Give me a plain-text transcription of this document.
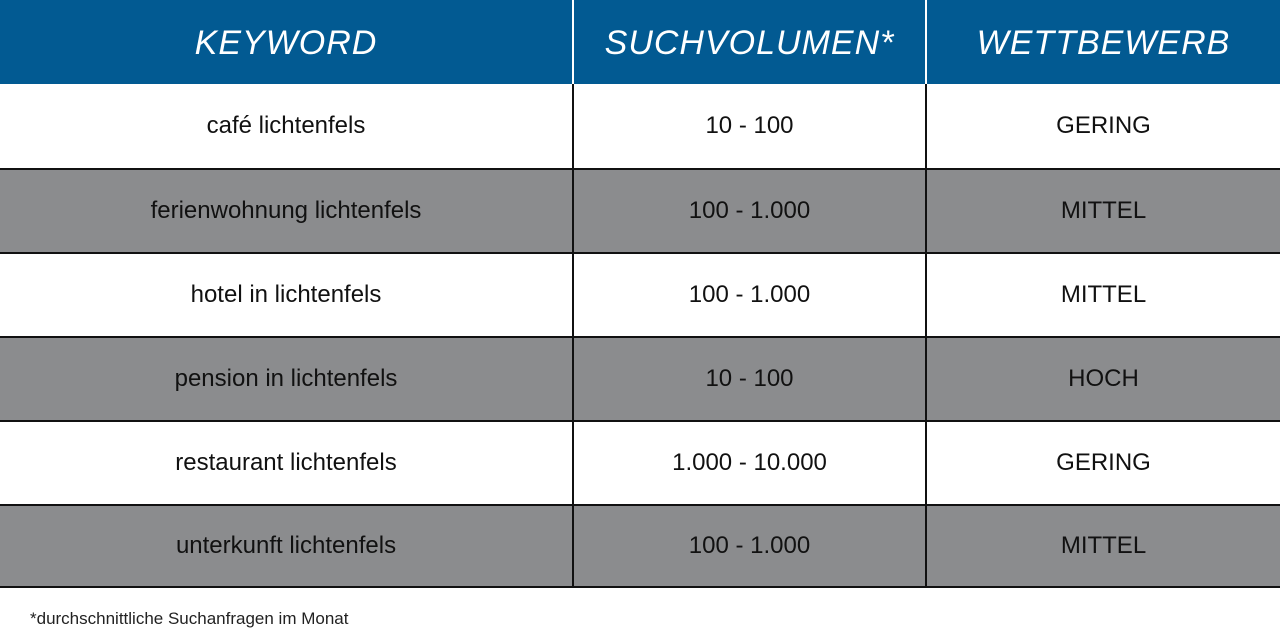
KEYWORD	SUCHVOLUMEN*	WETTBEWERB
café lichtenfels	10 - 100	GERING
ferienwohnung lichtenfels	100 - 1.000	MITTEL
hotel in lichtenfels	100 - 1.000	MITTEL
pension in lichtenfels	10 - 100	HOCH
restaurant lichtenfels	1.000 - 10.000	GERING
unterkunft lichtenfels	100 - 1.000	MITTEL
*durchschnittliche Suchanfragen im Monat
